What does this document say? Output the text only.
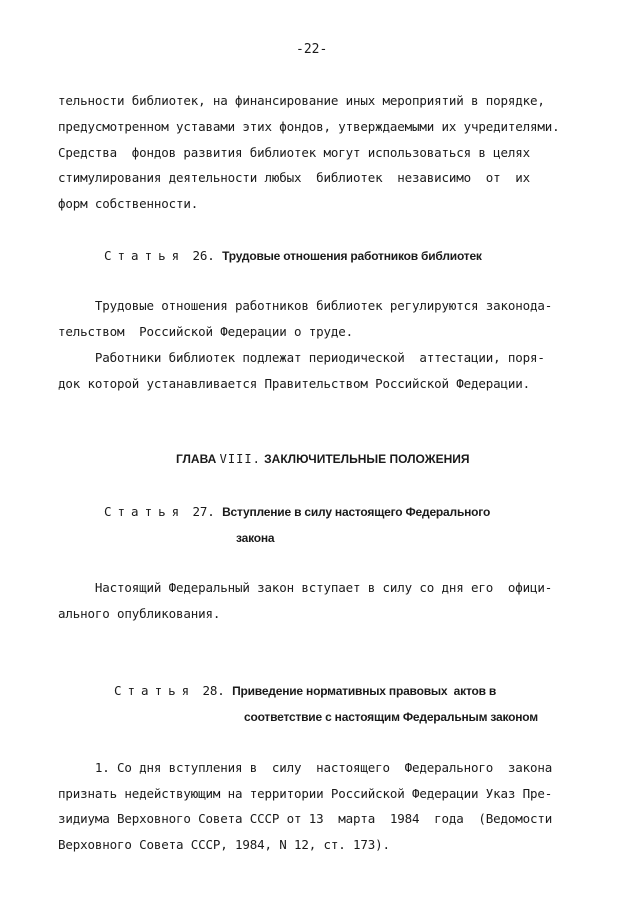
-22-
тельности библиотек, на финансирование иных мероприятий в порядке,
предусмотренном уставами этих фондов, утверждаемыми их учредителями.
Средства  фондов развития библиотек могут использоваться в целях
стимулирования деятельности любых  библиотек  независимо  от  их
форм собственности.
Статья 26. Трудовые отношения работников библиотек
Трудовые отношения работников библиотек регулируются законода-
тельством  Российской Федерации о труде.
Работники библиотек подлежат периодической  аттестации, поря-
док которой устанавливается Правительством Российской Федерации.
ГЛАВА VIII. ЗАКЛЮЧИТЕЛЬНЫЕ ПОЛОЖЕНИЯ
Статья 27. Вступление в силу настоящего Федерального
закона
Настоящий Федеральный закон вступает в силу со дня его  офици-
ального опубликования.
Статья 28. Приведение нормативных правовых  актов в
соответствие с настоящим Федеральным законом
1. Со дня вступления в  силу  настоящего  Федерального  закона
признать недействующим на территории Российской Федерации Указ Пре-
зидиума Верховного Совета СССР от 13  марта  1984  года  (Ведомости
Верховного Совета СССР, 1984, N 12, ст. 173).
